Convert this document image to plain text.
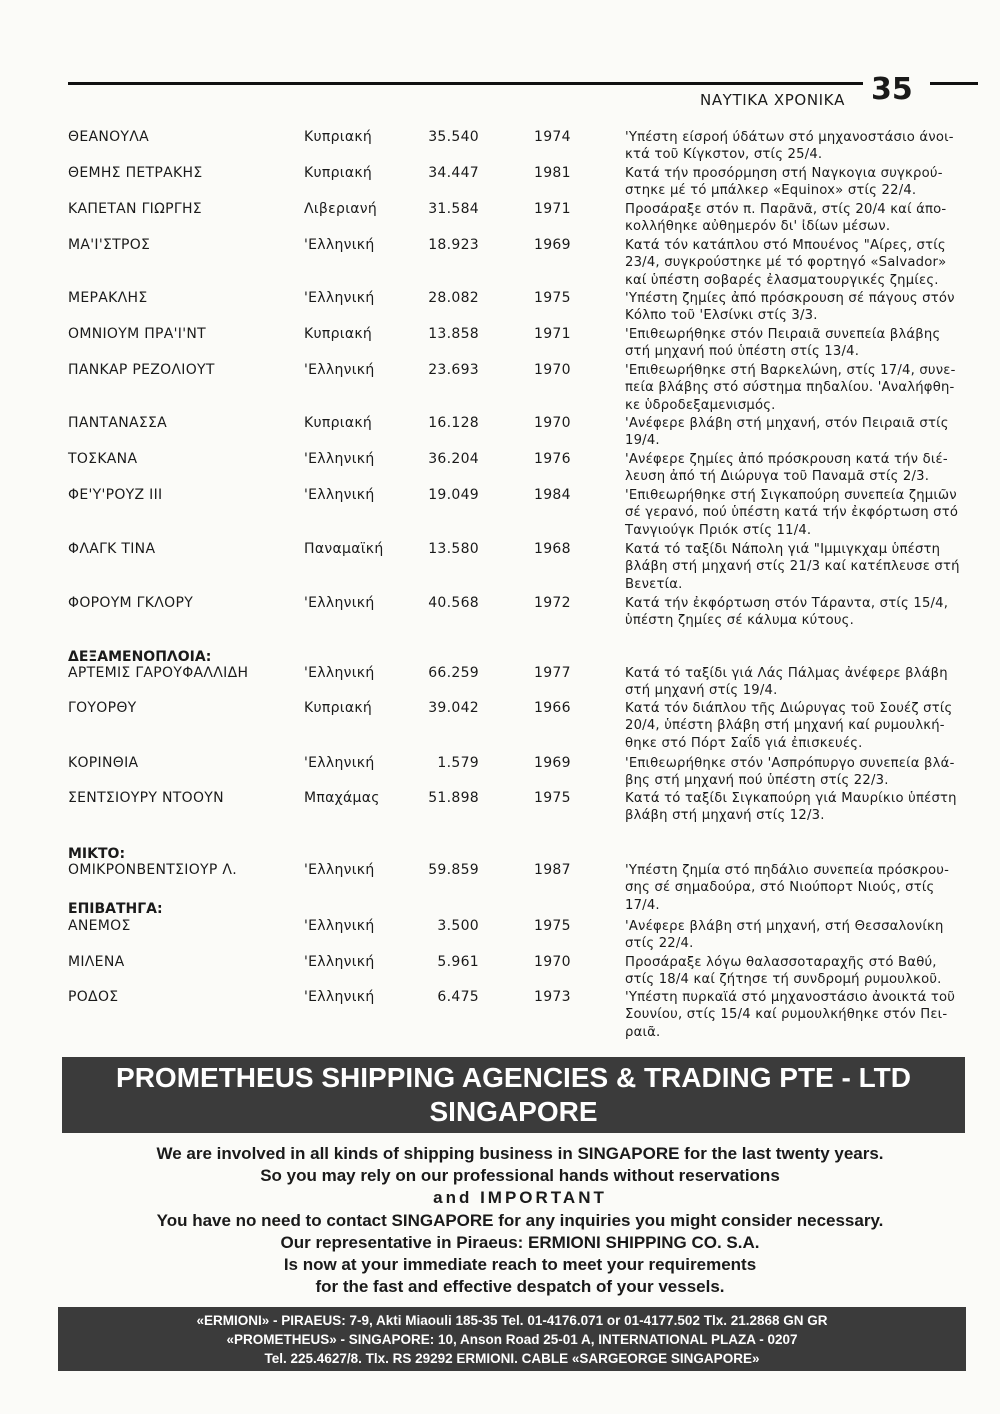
ΝΑΥΤΙΚΑ ΧΡΟΝΙΚΑ 35
ΔΕΞΑΜΕΝΟΠΛΟΙΑ:
ΜΙΚΤΟ:
ΕΠΙΒΑΤΗΓΑ:
ΘΕΑΝΟΥΛΑ	Κυπριακή	35.540	1974	'Υπέστη είσροή ύδάτων στό μηχανοστάσιο άνοι-
κτά τοῦ Κίγκστον, στίς 25/4.
ΘΕΜΗΣ ΠΕΤΡΑΚΗΣ	Κυπριακή	34.447	1981	Κατά τήν προσόρμηση στή Ναγκογια συγκρού-
στηκε μέ τό μπάλκερ «Equinox» στίς 22/4.
ΚΑΠΕΤΑΝ ΓΙΩΡΓΗΣ	Λιβεριανή	31.584	1971	Προσάραξε στόν π. Παρᾶνᾶ, στίς 20/4 καί άπο-
κολλήθηκε αὐθημερόν δι' ἰδίων μέσων.
ΜΑ'Ι'ΣΤΡΟΣ	'Ελληνική	18.923	1969	Κατά τόν κατάπλου στό Μπουένος "Αίρες, στίς
23/4, συγκρούστηκε μέ τό φορτηγό «Salvador»
καί ὑπέστη σοβαρές ἐλασματουργικές ζημίες.
ΜΕΡΑΚΛΗΣ	'Ελληνική	28.082	1975	'Υπέστη ζημίες ἀπό πρόσκρουση σέ πάγους στόν
Κόλπο τοῦ 'Ελσίνκι στίς 3/3.
ΟΜΝΙΟΥΜ ΠΡΑ'Ι'ΝΤ	Κυπριακή	13.858	1971	'Επιθεωρήθηκε στόν Πειραιᾶ συνεπεία βλάβης
στή μηχανή πού ὑπέστη στίς 13/4.
ΠΑΝΚΑΡ ΡΕΖΟΛΙΟΥΤ	'Ελληνική	23.693	1970	'Επιθεωρήθηκε στή Βαρκελώνη, στίς 17/4, συνε-
πεία βλάβης στό σύστημα πηδαλίου. 'Αναλήφθη-
κε ὑδροδεξαμενισμός.
ΠΑΝΤΑΝΑΣΣΑ	Κυπριακή	16.128	1970	'Ανέφερε βλάβη στή μηχανή, στόν Πειραιᾶ στίς
19/4.
ΤΟΣΚΑΝΑ	'Ελληνική	36.204	1976	'Ανέφερε ζημίες ἀπό πρόσκρουση κατά τήν διέ-
λευση ἀπό τή Διώρυγα τοῦ Παναμᾶ στίς 2/3.
ΦΕ'Υ'ΡΟΥΖ ΙΙΙ	'Ελληνική	19.049	1984	'Επιθεωρήθηκε στή Σιγκαπούρη συνεπεία ζημιῶν
σέ γερανό, πού ὑπέστη κατά τήν ἐκφόρτωση στό
Τανγιούγκ Πριόκ στίς 11/4.
ΦΛΑΓΚ ΤΙΝΑ	Παναμαϊκή	13.580	1968	Κατά τό ταξίδι Νάπολη γιά "Ιμμιγκχαμ ὑπέστη
βλάβη στή μηχανή στίς 21/3 καί κατέπλευσε στή
Βενετία.
ΦΟΡΟΥΜ ΓΚΛΟΡΥ	'Ελληνική	40.568	1972	Κατά τήν ἐκφόρτωση στόν Τάραντα, στίς 15/4,
ὑπέστη ζημίες σέ κάλυμα κύτους.
ΑΡΤΕΜΙΣ ΓΑΡΟΥΦΑΛΛΙΔΗ	'Ελληνική	66.259	1977	Κατά τό ταξίδι γιά Λάς Πάλμας ἀνέφερε βλάβη
στή μηχανή στίς 19/4.
ΓΟΥΟΡΘΥ	Κυπριακή	39.042	1966	Κατά τόν διάπλου τῆς Διώρυγας τοῦ Σουέζ στίς
20/4, ὑπέστη βλάβη στή μηχανή καί ρυμουλκή-
θηκε στό Πόρτ Σαΐδ γιά ἐπισκευές.
ΚΟΡΙΝΘΙΑ	'Ελληνική	1.579	1969	'Επιθεωρήθηκε στόν 'Ασπρόπυργο συνεπεία βλά-
βης στή μηχανή πού ὑπέστη στίς 22/3.
ΣΕΝΤΣΙΟΥΡΥ ΝΤΟΟΥΝ	Μπαχάμας	51.898	1975	Κατά τό ταξίδι Σιγκαπούρη γιά Μαυρίκιο ὑπέστη
βλάβη στή μηχανή στίς 12/3.
ΟΜΙΚΡΟΝΒΕΝΤΣΙΟΥΡ Λ.	'Ελληνική	59.859	1987	'Υπέστη ζημία στό πηδάλιο συνεπεία πρόσκρου-
σης σέ σημαδούρα, στό Νιούπορτ Νιούς, στίς
17/4.
ΑΝΕΜΟΣ	'Ελληνική	3.500	1975	'Ανέφερε βλάβη στή μηχανή, στή Θεσσαλονίκη
στίς 22/4.
ΜΙΛΕΝΑ	'Ελληνική	5.961	1970	Προσάραξε λόγω θαλασσοταραχῆς στό Βαθύ,
στίς 18/4 καί ζήτησε τή συνδρομή ρυμουλκοῦ.
ΡΟΔΟΣ	'Ελληνική	6.475	1973	'Υπέστη πυρκαϊά στό μηχανοστάσιο ἀνοικτά τοῦ
Σουνίου, στίς 15/4 καί ρυμουλκήθηκε στόν Πει-
ραιᾶ.
PROMETHEUS SHIPPING AGENCIES & TRADING PTE - LTD
SINGAPORE
We are involved in all kinds of shipping business in SINGAPORE for the last twenty years.
So you may rely on our professional hands without reservations
and IMPORTANT
You have no need to contact SINGAPORE for any inquiries you might consider necessary.
Our representative in Piraeus: ERMIONI SHIPPING CO. S.A.
Is now at your immediate reach to meet your requirements
for the fast and effective despatch of your vessels.
«ERMIONI» - PIRAEUS: 7-9, Akti Miaouli 185-35 Tel. 01-4176.071 or 01-4177.502 Tlx. 21.2868 GN GR
«PROMETHEUS» - SINGAPORE: 10, Anson Road 25-01 A, INTERNATIONAL PLAZA - 0207
Tel. 225.4627/8. Tlx. RS 29292 ERMIONI. CABLE «SARGEORGE SINGAPORE»
